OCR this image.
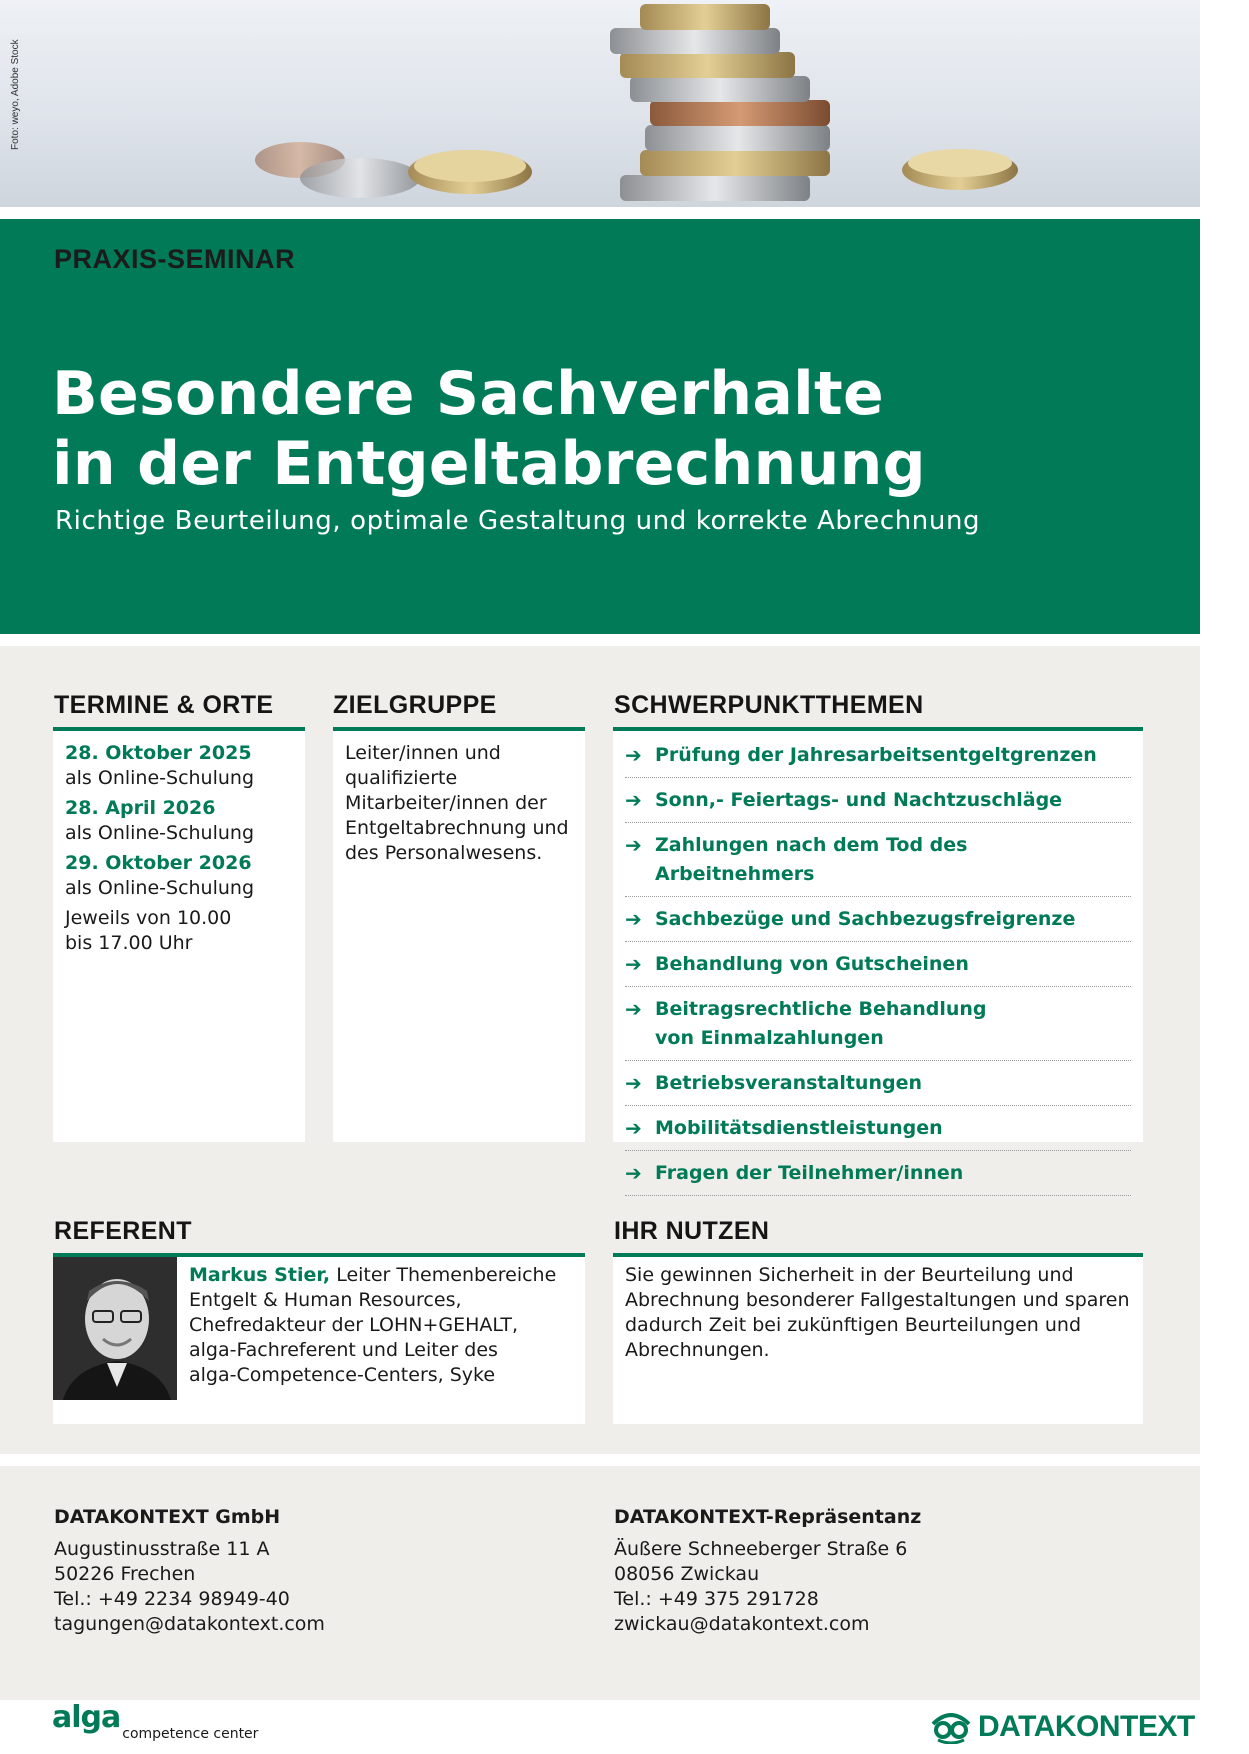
Foto: weyo, Adobe Stock
PRAXIS-SEMINAR
Besondere Sachverhalte
in der Entgeltabrechnung
Richtige Beurteilung, optimale Gestaltung und korrekte Abrechnung
TERMINE & ORTE
28. Oktober 2025
als Online-Schulung
28. April 2026
als Online-Schulung
29. Oktober 2026
als Online-Schulung
Jeweils von 10.00
bis 17.00 Uhr
ZIELGRUPPE
Leiter/innen und
qualifizierte
Mitarbeiter/innen der
Entgeltabrechnung und
des Personalwesens.
SCHWERPUNKTTHEMEN
➔ Prüfung der Jahresarbeitsentgeltgrenzen
➔ Sonn,- Feiertags- und Nachtzuschläge
➔ Zahlungen nach dem Tod des Arbeitnehmers
➔ Sachbezüge und Sachbezugsfreigrenze
➔ Behandlung von Gutscheinen
➔ Beitragsrechtliche Behandlung
von Einmalzahlungen
➔ Betriebsveranstaltungen
➔ Mobilitätsdienstleistungen
➔ Fragen der Teilnehmer/innen
REFERENT
Markus Stier, Leiter Themenbereiche
Entgelt & Human Resources,
Chefredakteur der LOHN+GEHALT,
alga-Fachreferent und Leiter des
alga-Competence-Centers, Syke
IHR NUTZEN
Sie gewinnen Sicherheit in der Beurteilung und
Abrechnung besonderer Fallgestaltungen und sparen
dadurch Zeit bei zukünftigen Beurteilungen und
Abrechnungen.
DATAKONTEXT GmbH
Augustinusstraße 11 A
50226 Frechen
Tel.: +49 2234 98949-40
tagungen@datakontext.com
DATAKONTEXT-Repräsentanz
Äußere Schneeberger Straße 6
08056 Zwickau
Tel.: +49 375 291728
zwickau@datakontext.com
alga competence center	DATAKONTEXT
